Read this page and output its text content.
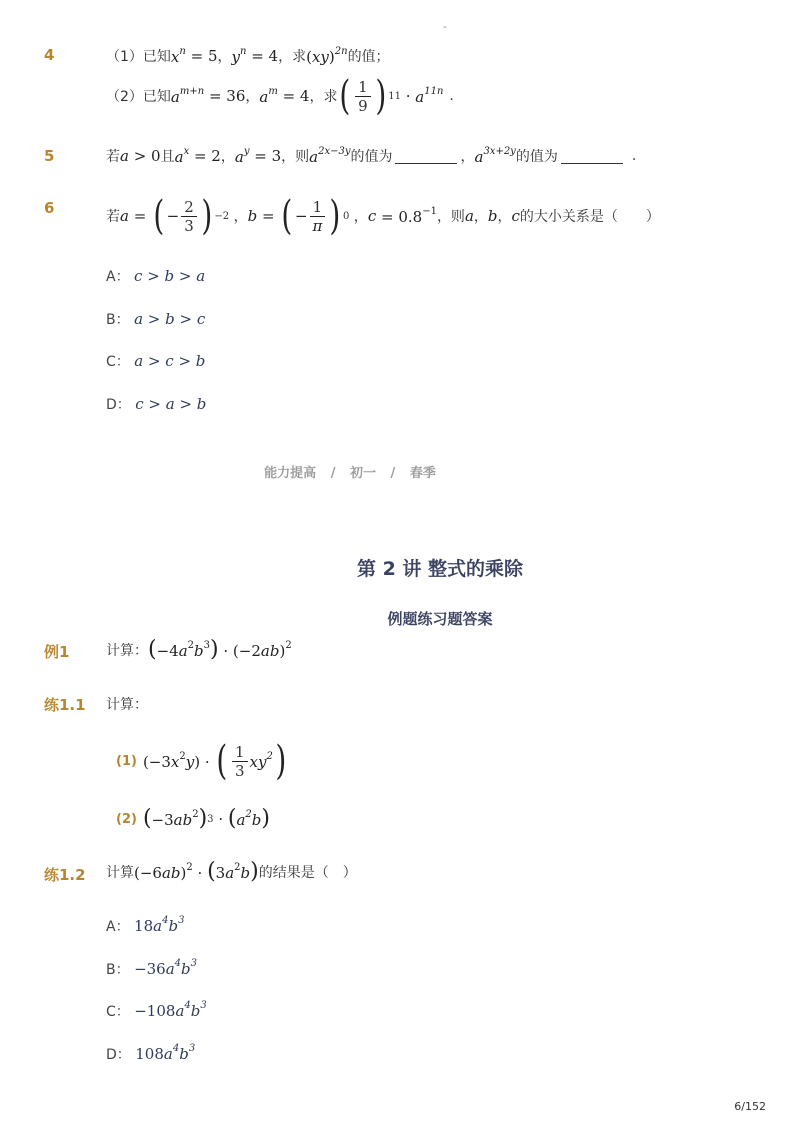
-
4	（1）已知 $x^n = 5$ ， $y^n = 4$ ，求 (xy)$^{2n}$ 的值；
（2）已知 $a^{m+n} = 36$ ， $a^m = 4$ ，求 ( $\frac{1}{9}$ ) $11 \cdot a^{11n}$ .
5	若 a > 0 且 $a^x = 2$ ， $a^y = 3$ ，则 $a^{2x-3y}$ 的值为	， $a^{3x+2y}$ 的值为	.
6	若 a = ( − $\frac{2}{3}$ ) −2 ， b = ( − $\frac{1}{\pi}$ ) 0 ， $c = 0.8^{-1}$ ，则 a ， b ， c 的大小关系是（　　）
A： c > b > a
B： a > b > c
C： a > c > b
D： c > a > b
能力提高 / 初一 / 春季
第 2 讲 整式的乘除
例题练习题答案
例1	计算： ( $-4a^2b^3$ ) · $(-2ab)^2$
练1.1 计算：
(1) $(-3x^2y)$ · ( $\frac{1}{3} xy^2$ )
(2) ( $-3ab^2$ ) 3 · ( $a^2b$ )
练1.2 计算 $(-6ab)^2$ · ( $3a^2b$ ) 的结果是（　）
A： $18a^4b^3$
B： $-36a^4b^3$
C： $-108a^4b^3$
D： $108a^4b^3$
6/152
